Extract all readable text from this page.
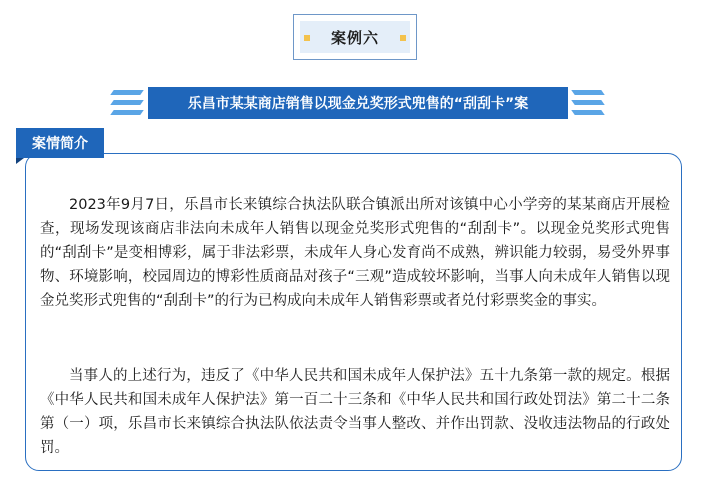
案例六
乐昌市某某商店销售以现金兑奖形式兜售的“刮刮卡”案
案情简介

2023年9月7日，乐昌市长来镇综合执法队联合镇派出所对该镇中心小学旁的某某商店开展检查，现场发现该商店非法向未成年人销售以现金兑奖形式兜售的“刮刮卡”。以现金兑奖形式兜售的“刮刮卡”是变相博彩，属于非法彩票，未成年人身心发育尚不成熟，辨识能力较弱，易受外界事物、环境影响，校园周边的博彩性质商品对孩子“三观”造成较坏影响，当事人向未成年人销售以现金兑奖形式兜售的“刮刮卡”的行为已构成向未成年人销售彩票或者兑付彩票奖金的事实。

当事人的上述行为，违反了《中华人民共和国未成年人保护法》五十九条第一款的规定。根据《中华人民共和国未成年人保护法》第一百二十三条和《中华人民共和国行政处罚法》第二十二条第（一）项，乐昌市长来镇综合执法队依法责令当事人整改、并作出罚款、没收违法物品的行政处罚。
